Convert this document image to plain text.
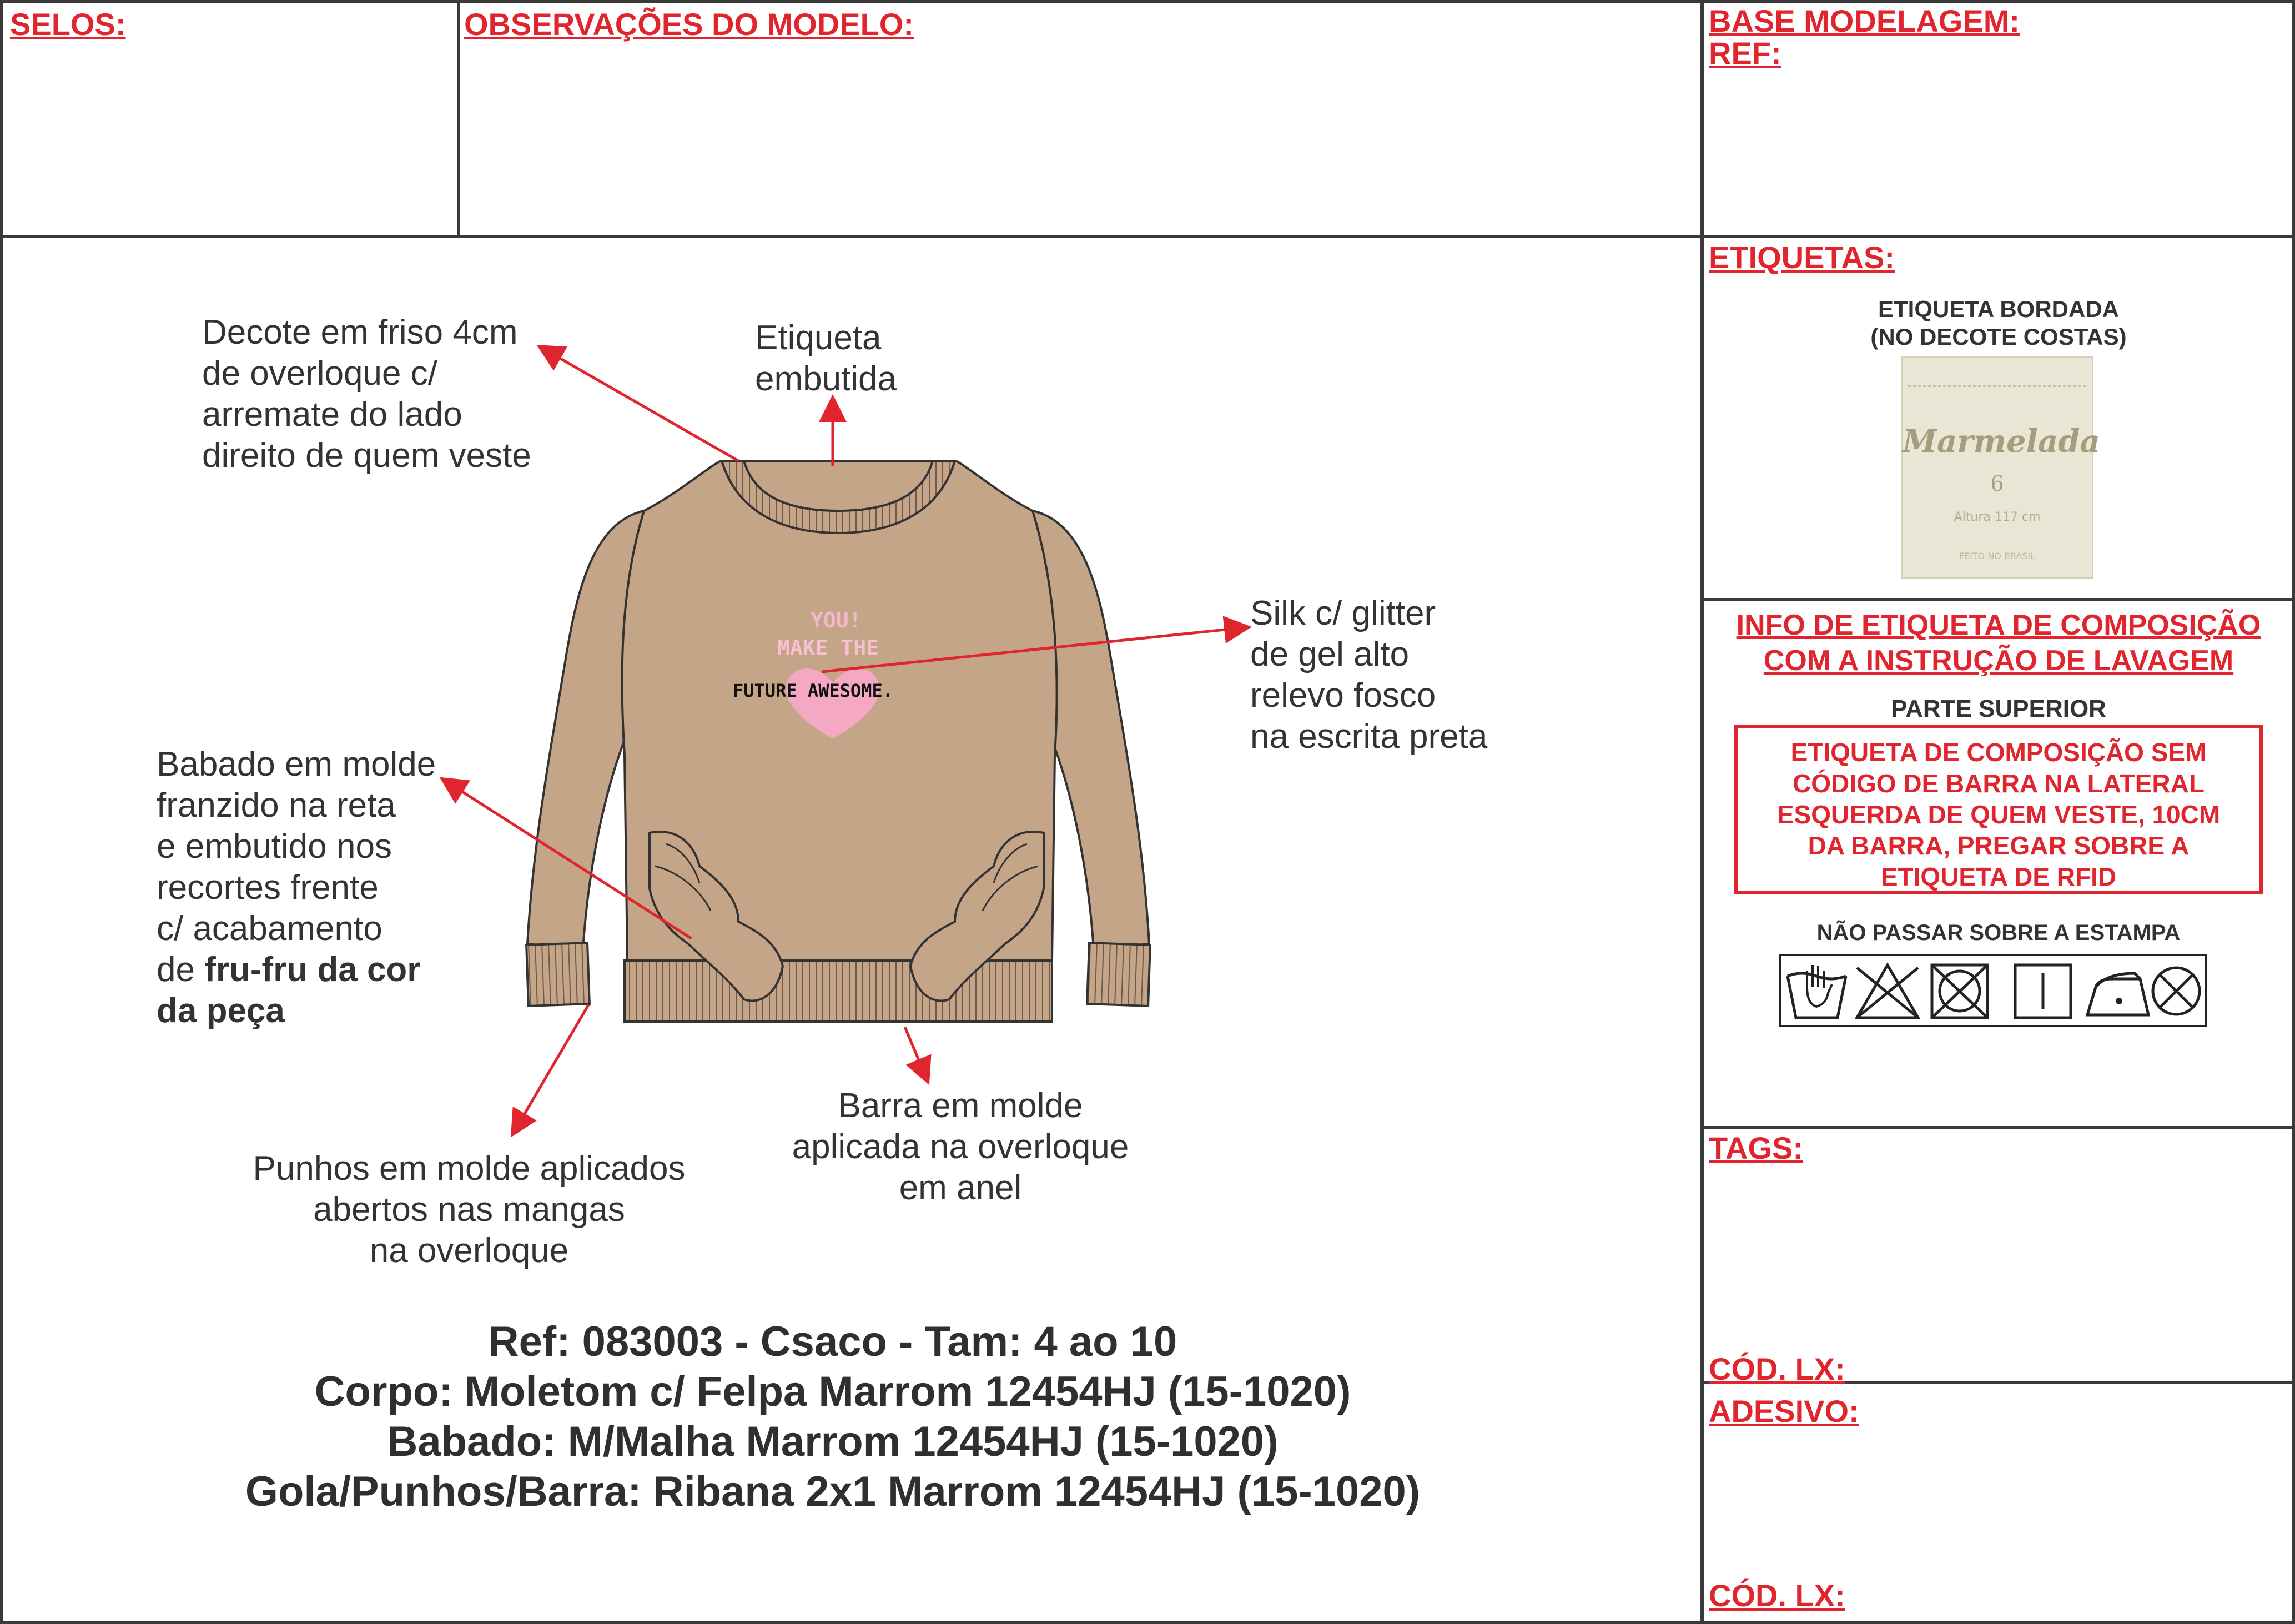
SELOS:	OBSERVAÇÕES DO MODELO:	BASE MODELAGEM:
REF:
Decote em friso 4cm
de overloque c/
arremate do lado
direito de quem veste
Etiqueta
embutida
Silk c/ glitter
de gel alto
relevo fosco
na escrita preta
Babado em molde
franzido na reta
e embutido nos
recortes frente
c/ acabamento
de fru-fru da cor
da peça
Punhos em molde aplicados
abertos nas mangas
na overloque
Barra em molde
aplicada na overloque
em anel
YOU!
MAKE THE
FUTURE AWESOME.
Ref: 083003 - Csaco - Tam: 4 ao 10
Corpo: Moletom c/ Felpa Marrom 12454HJ (15-1020)
Babado: M/Malha Marrom 12454HJ (15-1020)
Gola/Punhos/Barra: Ribana 2x1 Marrom 12454HJ (15-1020)
ETIQUETAS:
ETIQUETA BORDADA
(NO DECOTE COSTAS)
Marmelada
6
Altura 117 cm
FEITO NO BRASIL
INFO DE ETIQUETA DE COMPOSIÇÃO
COM A INSTRUÇÃO DE LAVAGEM
PARTE SUPERIOR
ETIQUETA DE COMPOSIÇÃO SEM
CÓDIGO DE BARRA NA LATERAL
ESQUERDA DE QUEM VESTE, 10CM
DA BARRA, PREGAR SOBRE A
ETIQUETA DE RFID
NÃO PASSAR SOBRE A ESTAMPA
TAGS:
CÓD. LX:
ADESIVO:
CÓD. LX:
